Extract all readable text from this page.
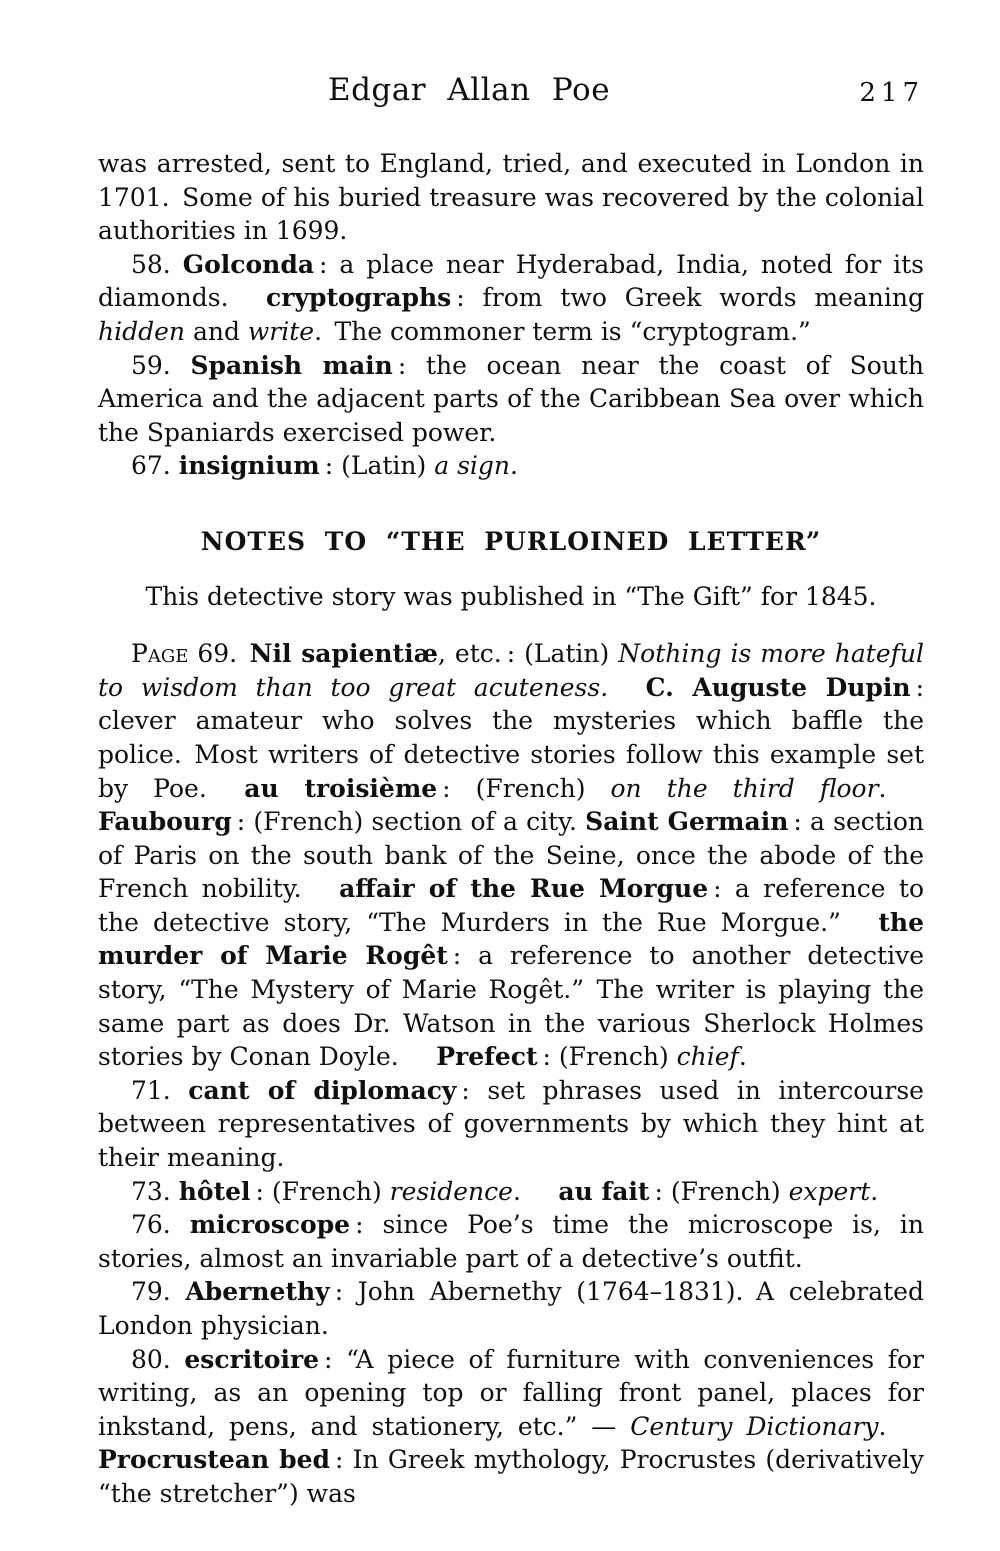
Edgar Allan Poe	217

was arrested, sent to England, tried, and executed in London in 1701. Some of his buried treasure was recovered by the colonial authorities in 1699.

58. Golconda : a place near Hyderabad, India, noted for its diamonds.  cryptographs : from two Greek words meaning hidden and write. The commoner term is “cryptogram.”

59. Spanish main : the ocean near the coast of South America and the adjacent parts of the Caribbean Sea over which the Spaniards exercised power.

67. insignium : (Latin) a sign.

NOTES TO “THE PURLOINED LETTER”

This detective story was published in “The Gift” for 1845.

Page 69. Nil sapientiæ, etc. : (Latin) Nothing is more hateful to wisdom than too great acuteness.   C. Auguste Dupin : clever amateur who solves the mysteries which baffle the police. Most writers of detective stories follow this example set by Poe.  au troisième : (French) on the third floor.  Faubourg : (French) section of a city. Saint Germain : a section of Paris on the south bank of the Seine, once the abode of the French nobility.  affair of the Rue Morgue : a reference to the detective story, “The Murders in the Rue Morgue.”  the murder of Marie Rogêt : a reference to another detective story, “The Mystery of Marie Rogêt.” The writer is playing the same part as does Dr. Watson in the various Sherlock Holmes stories by Conan Doyle.  Prefect : (French) chief.

71. cant of diplomacy : set phrases used in intercourse between representatives of governments by which they hint at their meaning.

73. hôtel : (French) residence.  au fait : (French) expert.

76. microscope : since Poe’s time the microscope is, in stories, almost an invariable part of a detective’s outfit.

79. Abernethy : John Abernethy (1764–1831). A celebrated London physician.

80. escritoire : “A piece of furniture with conveniences for writing, as an opening top or falling front panel, places for inkstand, pens, and stationery, etc.” — Century Dictionary.  Procrustean bed : In Greek mythology, Procrustes (derivatively “the stretcher”) was
